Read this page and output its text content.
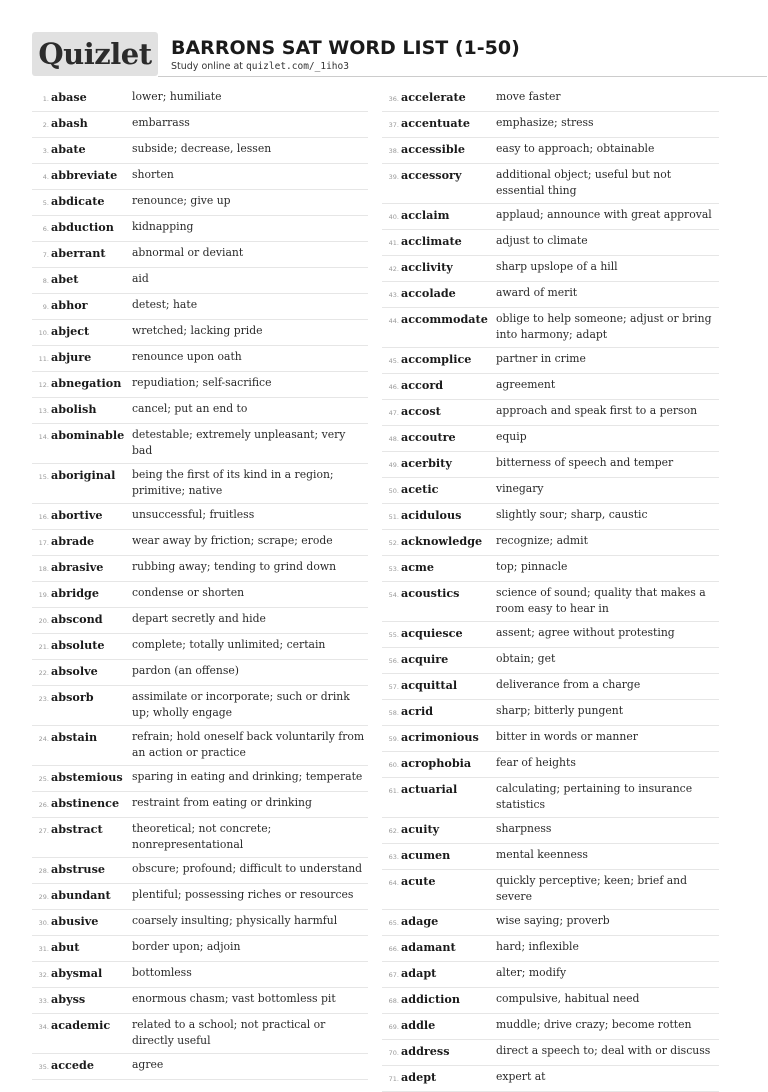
Quizlet BARRONS SAT WORD LIST (1-50)
Study online at quizlet.com/_1iho3
1. abase	lower; humiliate
2. abash	embarrass
3. abate	subside; decrease, lessen
4. abbreviate	shorten
5. abdicate	renounce; give up
6. abduction	kidnapping
7. aberrant	abnormal or deviant
8. abet	aid
9. abhor	detest; hate
10. abject	wretched; lacking pride
11. abjure	renounce upon oath
12. abnegation repudiation; self-sacrifice
13. abolish	cancel; put an end to
14. abominable detestable; extremely unpleasant; very bad
15. aboriginal	being the first of its kind in a region; primitive; native
16. abortive	unsuccessful; fruitless
17. abrade	wear away by friction; scrape; erode
18. abrasive	rubbing away; tending to grind down
19. abridge	condense or shorten
20. abscond	depart secretly and hide
21. absolute	complete; totally unlimited; certain
22. absolve	pardon (an offense)
23. absorb	assimilate or incorporate; such or drink up; wholly engage
24. abstain	refrain; hold oneself back voluntarily from an action or practice
25. abstemious sparing in eating and drinking; temperate
26. abstinence	restraint from eating or drinking
27. abstract	theoretical; not concrete; nonrepresentational
28. abstruse	obscure; profound; difficult to understand
29. abundant	plentiful; possessing riches or resources
30. abusive	coarsely insulting; physically harmful
31. abut	border upon; adjoin
32. abysmal	bottomless
33. abyss	enormous chasm; vast bottomless pit
34. academic	related to a school; not practical or directly useful
35. accede	agree
36. accelerate	move faster
37. accentuate	emphasize; stress
38. accessible	easy to approach; obtainable
39. accessory	additional object; useful but not essential thing
40. acclaim	applaud; announce with great approval
41. acclimate	adjust to climate
42. acclivity	sharp upslope of a hill
43. accolade	award of merit
44. accommodate oblige to help someone; adjust or bring into harmony; adapt
45. accomplice	partner in crime
46. accord	agreement
47. accost	approach and speak first to a person
48. accoutre	equip
49. acerbity	bitterness of speech and temper
50. acetic	vinegary
51. acidulous	slightly sour; sharp, caustic
52. acknowledge	recognize; admit
53. acme	top; pinnacle
54. acoustics	science of sound; quality that makes a room easy to hear in
55. acquiesce	assent; agree without protesting
56. acquire	obtain; get
57. acquittal	deliverance from a charge
58. acrid	sharp; bitterly pungent
59. acrimonious	bitter in words or manner
60. acrophobia	fear of heights
61. actuarial	calculating; pertaining to insurance statistics
62. acuity	sharpness
63. acumen	mental keenness
64. acute	quickly perceptive; keen; brief and severe
65. adage	wise saying; proverb
66. adamant	hard; inflexible
67. adapt	alter; modify
68. addiction	compulsive, habitual need
69. addle	muddle; drive crazy; become rotten
70. address	direct a speech to; deal with or discuss
71. adept	expert at
